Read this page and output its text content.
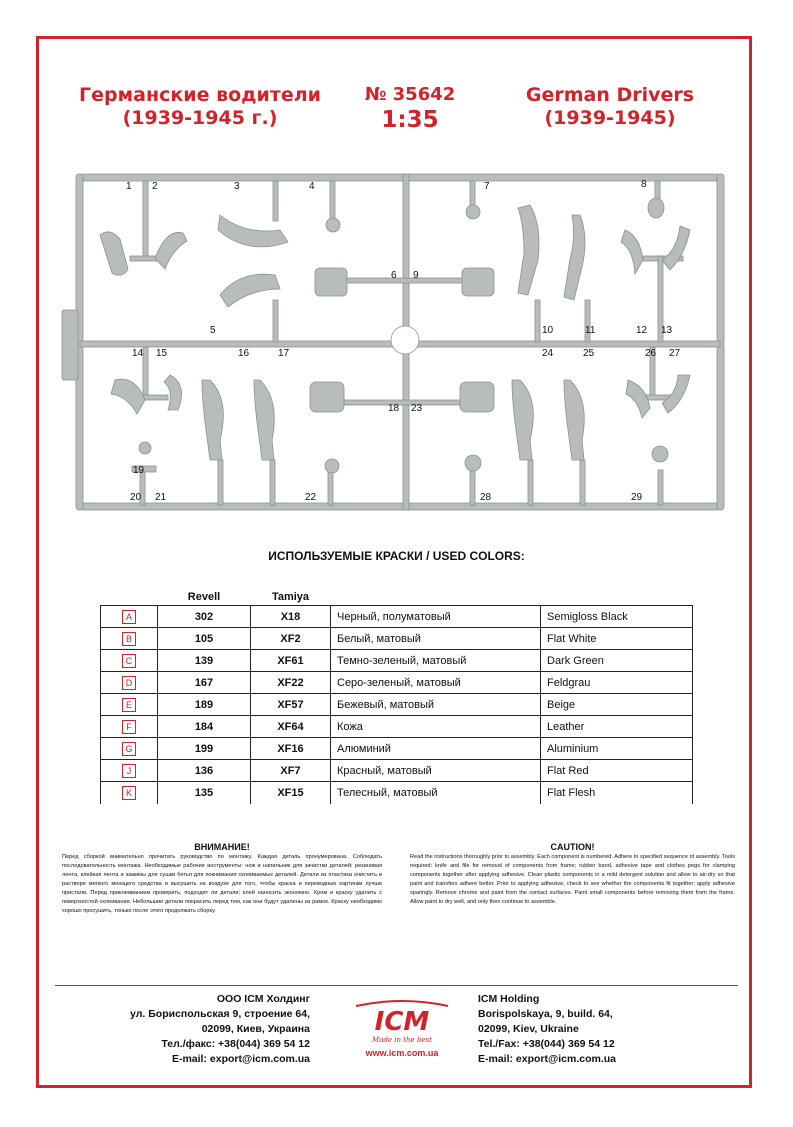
Германские водители
(1939-1945 г.)
№ 35642
1:35
German Drivers
(1939-1945)
1 2	3	4
5
6
7	8
9
10	11	12 13
14 15	16	17
18
19
20 21	22
23
24	25	26 27
28	29
ИСПОЛЬЗУЕМЫЕ КРАСКИ / USED COLORS:
	Revell	Tamiya		
A	302	X18	Черный, полуматовый	Semigloss Black
B	105	XF2	Белый, матовый	Flat White
C	139	XF61	Темно-зеленый, матовый	Dark Green
D	167	XF22	Серо-зеленый, матовый	Feldgrau
E	189	XF57	Бежевый, матовый	Beige
F	184	XF64	Кожа	Leather
G	199	XF16	Алюминий	Aluminium
J	136	XF7	Красный, матовый	Flat Red
K	135	XF15	Телесный, матовый	Flat Flesh
ВНИМАНИЕ!
Перед сборкой внимательно прочитать руководство по монтажу. Каждая деталь пронумерована. Соблюдать последовательность монтажа. Необходимые рабочие инструменты: нож и напильник для зачистки деталей; резиновая лента, клейкая лента и зажимы для сушки бетья для покнимания склеиваемых деталей. Детали из пластика очистить в растворе мягкого моющего средства и высушить на воздухе для того, чтобы краска и переводные картинки лучше пристали. Перед приклеиванием проверить, подходят ли детали; клей наносить экономно. Хром и краску удалить с поверхностей склеивания. Небольшие детали покрасить перед тем, как они будут удалены из рамок. Краску необходимо хорошо просушить, только после этого продолжать сборку.
CAUTION!
Read the instructions thoroughly prior to assembly. Each component is numbered. Adhere to specified sequence of assembly. Tools required: knife and file for removal of components from frame; rubber band, adhesive tape and clothes pegs for clamping components together after applying adhesive. Clean plastic components in a mild detergent solution and allow to air-dry so that paint and transfers adhere better. Prior to applying adhesive, check to see whether the components fit together; apply adhesive sparingly. Remove chrome and paint from the contact surfaces. Paint small components before removing them from the frame. Allow paint to dry well, and only then continue to assemble.
ООО ICM Холдинг
ул. Бориспольская 9, строение 64,
02099, Киев, Украина
Тел./факс: +38(044) 369 54 12
E-mail: export@icm.com.ua
ICM
Made in the best
www.icm.com.ua
ICM Holding
Borispolskaya, 9, build. 64,
02099, Kiev, Ukraine
Tel./Fax: +38(044) 369 54 12
E-mail: export@icm.com.ua
